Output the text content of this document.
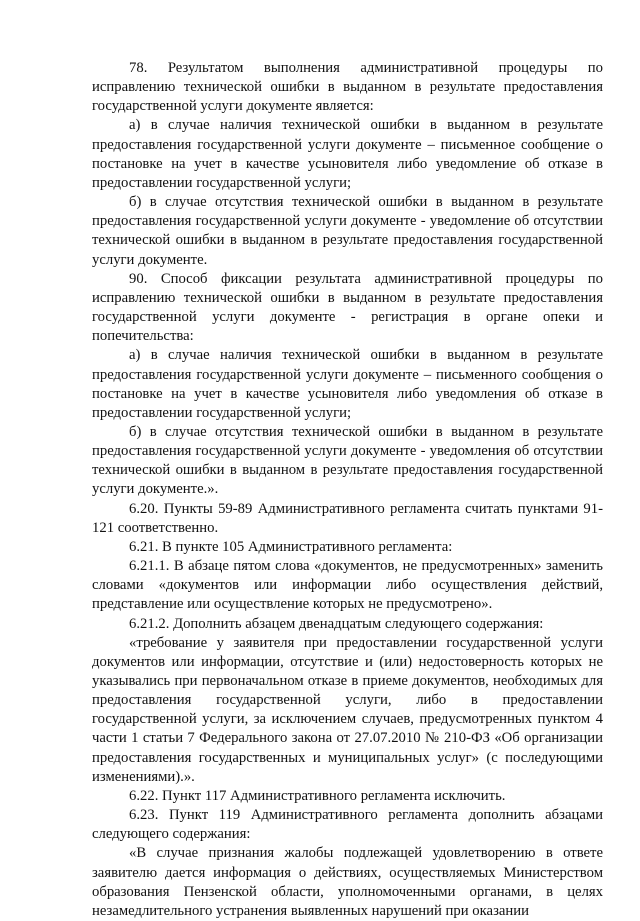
78. Результатом выполнения административной процедуры по исправлению технической ошибки в выданном в результате предоставления государственной услуги документе является:

а) в случае наличия технической ошибки в выданном в результате предоставления государственной услуги документе – письменное сообщение о постановке на учет в качестве усыновителя либо уведомление об отказе в предоставлении государственной услуги;

б) в случае отсутствия технической ошибки в выданном в результате предоставления государственной услуги документе - уведомление об отсутствии технической ошибки в выданном в результате предоставления государственной услуги документе.

90. Способ фиксации результата административной процедуры по исправлению технической ошибки в выданном в результате предоставления государственной услуги документе - регистрация в органе опеки и попечительства:

а) в случае наличия технической ошибки в выданном в результате предоставления государственной услуги документе – письменного сообщения о постановке на учет в качестве усыновителя либо уведомления об отказе в предоставлении государственной услуги;

б) в случае отсутствия технической ошибки в выданном в результате предоставления государственной услуги документе - уведомления об отсутствии технической ошибки в выданном в результате предоставления государственной услуги документе.».

6.20. Пункты 59-89 Административного регламента считать пунктами 91-121 соответственно.

6.21. В пункте 105 Административного регламента:

6.21.1. В абзаце пятом слова «документов, не предусмотренных» заменить словами «документов или информации либо осуществления действий, представление или осуществление которых не предусмотрено».

6.21.2. Дополнить абзацем двенадцатым следующего содержания:

«требование у заявителя при предоставлении государственной услуги документов или информации, отсутствие и (или) недостоверность которых не указывались при первоначальном отказе в приеме документов, необходимых для предоставления государственной услуги, либо в предоставлении государственной услуги, за исключением случаев, предусмотренных пунктом 4 части 1 статьи 7 Федерального закона от 27.07.2010 № 210-ФЗ «Об организации предоставления государственных и муниципальных услуг» (с последующими изменениями).».

6.22. Пункт 117 Административного регламента исключить.

6.23. Пункт 119 Административного регламента дополнить абзацами следующего содержания:

«В случае признания жалобы подлежащей удовлетворению в ответе заявителю дается информация о действиях, осуществляемых Министерством образования Пензенской области, уполномоченными органами, в целях незамедлительного устранения выявленных нарушений при оказании
